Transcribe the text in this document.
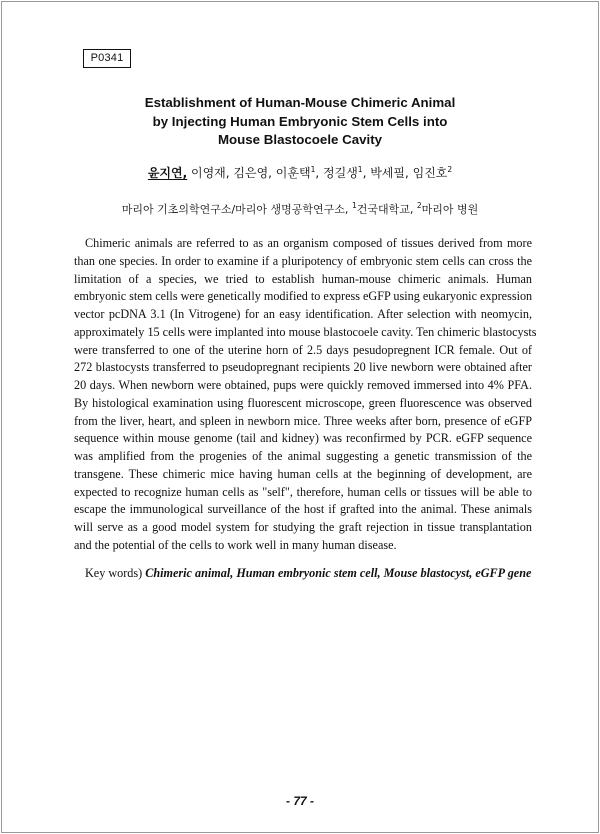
P0341
Establishment of Human-Mouse Chimeric Animal
by Injecting Human Embryonic Stem Cells into
Mouse Blastocoele Cavity
윤지연, 이영재, 김은영, 이훈택$^1$, 정길생$^1$, 박세필, 임진호$^2$
마리아 기초의학연구소/마리아 생명공학연구소, $^1$건국대학교, $^2$마리아 병원
Chimeric animals are referred to as an organism composed of tissues derived from more
than one species. In order to examine if a pluripotency of embryonic stem cells can cross the
limitation of a species, we tried to establish human-mouse chimeric animals. Human
embryonic stem cells were genetically modified to express eGFP using eukaryonic expression
vector pcDNA 3.1 (In Vitrogene) for an easy identification. After selection with neomycin,
approximately 15 cells were implanted into mouse blastocoele cavity. Ten chimeric blastocysts
were transferred to one of the uterine horn of 2.5 days pesudopregnent ICR female. Out of
272 blastocysts transferred to pseudopregnant recipients 20 live newborn were obtained after
20 days. When newborn were obtained, pups were quickly removed immersed into 4% PFA.
By histological examination using fluorescent microscope, green fluorescence was observed
from the liver, heart, and spleen in newborn mice. Three weeks after born, presence of eGFP
sequence within mouse genome (tail and kidney) was reconfirmed by PCR. eGFP sequence
was amplified from the progenies of the animal suggesting a genetic transmission of the
transgene. These chimeric mice having human cells at the beginning of development, are
expected to recognize human cells as "self", therefore, human cells or tissues will be able to
escape the immunological surveillance of the host if grafted into the animal. These animals
will serve as a good model system for studying the graft rejection in tissue transplantation
and the potential of the cells to work well in many human disease.
Key words) Chimeric animal, Human embryonic stem cell, Mouse blastocyst, eGFP gene
- 77 -
